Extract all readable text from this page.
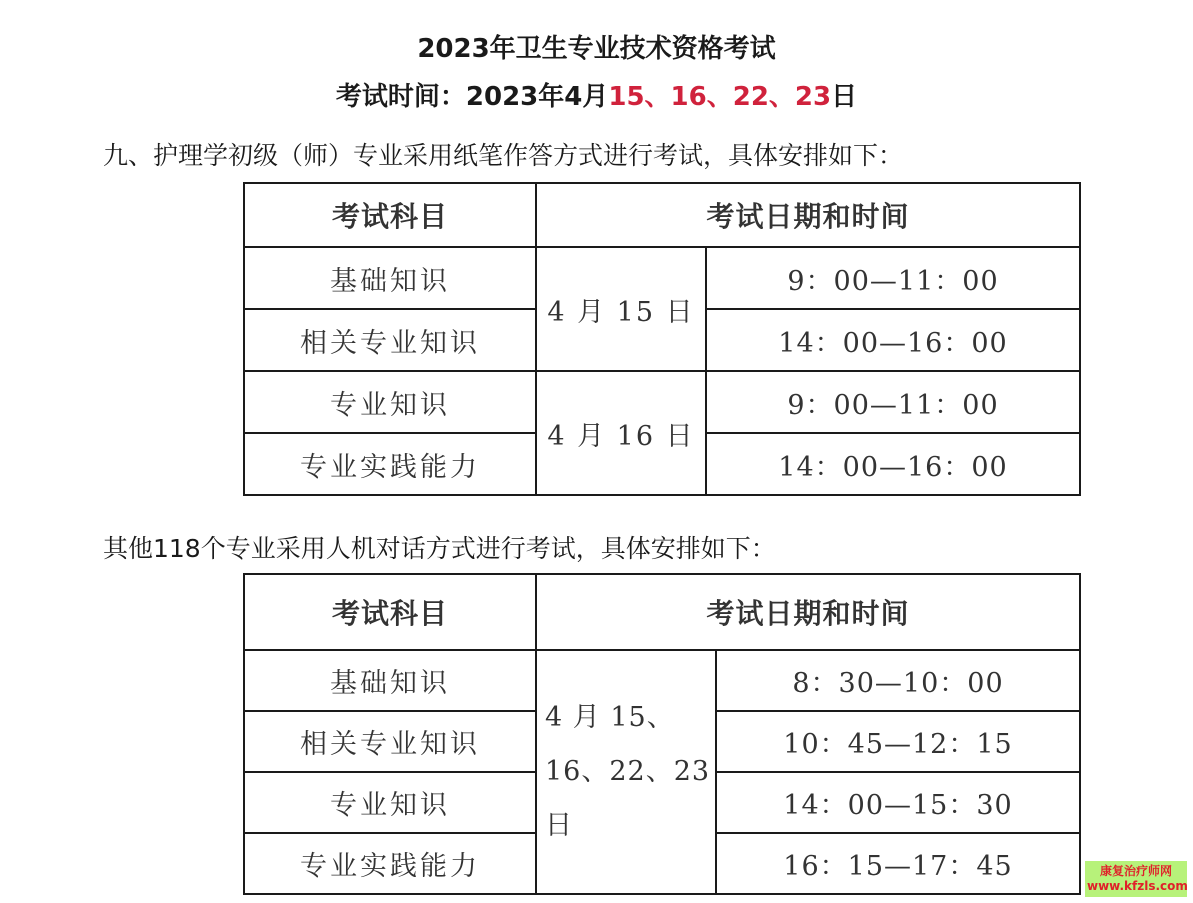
2023年卫生专业技术资格考试
考试时间：2023年4月15、16、22、23日
九、护理学初级（师）专业采用纸笔作答方式进行考试，具体安排如下：
考试科目	考试日期和时间	
基础知识	4 月 15 日	9：00—11：00
相关专业知识		14：00—16：00
专业知识	4 月 16 日	9：00—11：00
专业实践能力		14：00—16：00
其他118个专业采用人机对话方式进行考试，具体安排如下：
考试科目	考试日期和时间	
基础知识	4 月 15、16、22、23 日	8：30—10：00
相关专业知识		10：45—12：15
专业知识		14：00—15：30
专业实践能力		16：15—17：45	康复治疗师网
www.kfzls.com
